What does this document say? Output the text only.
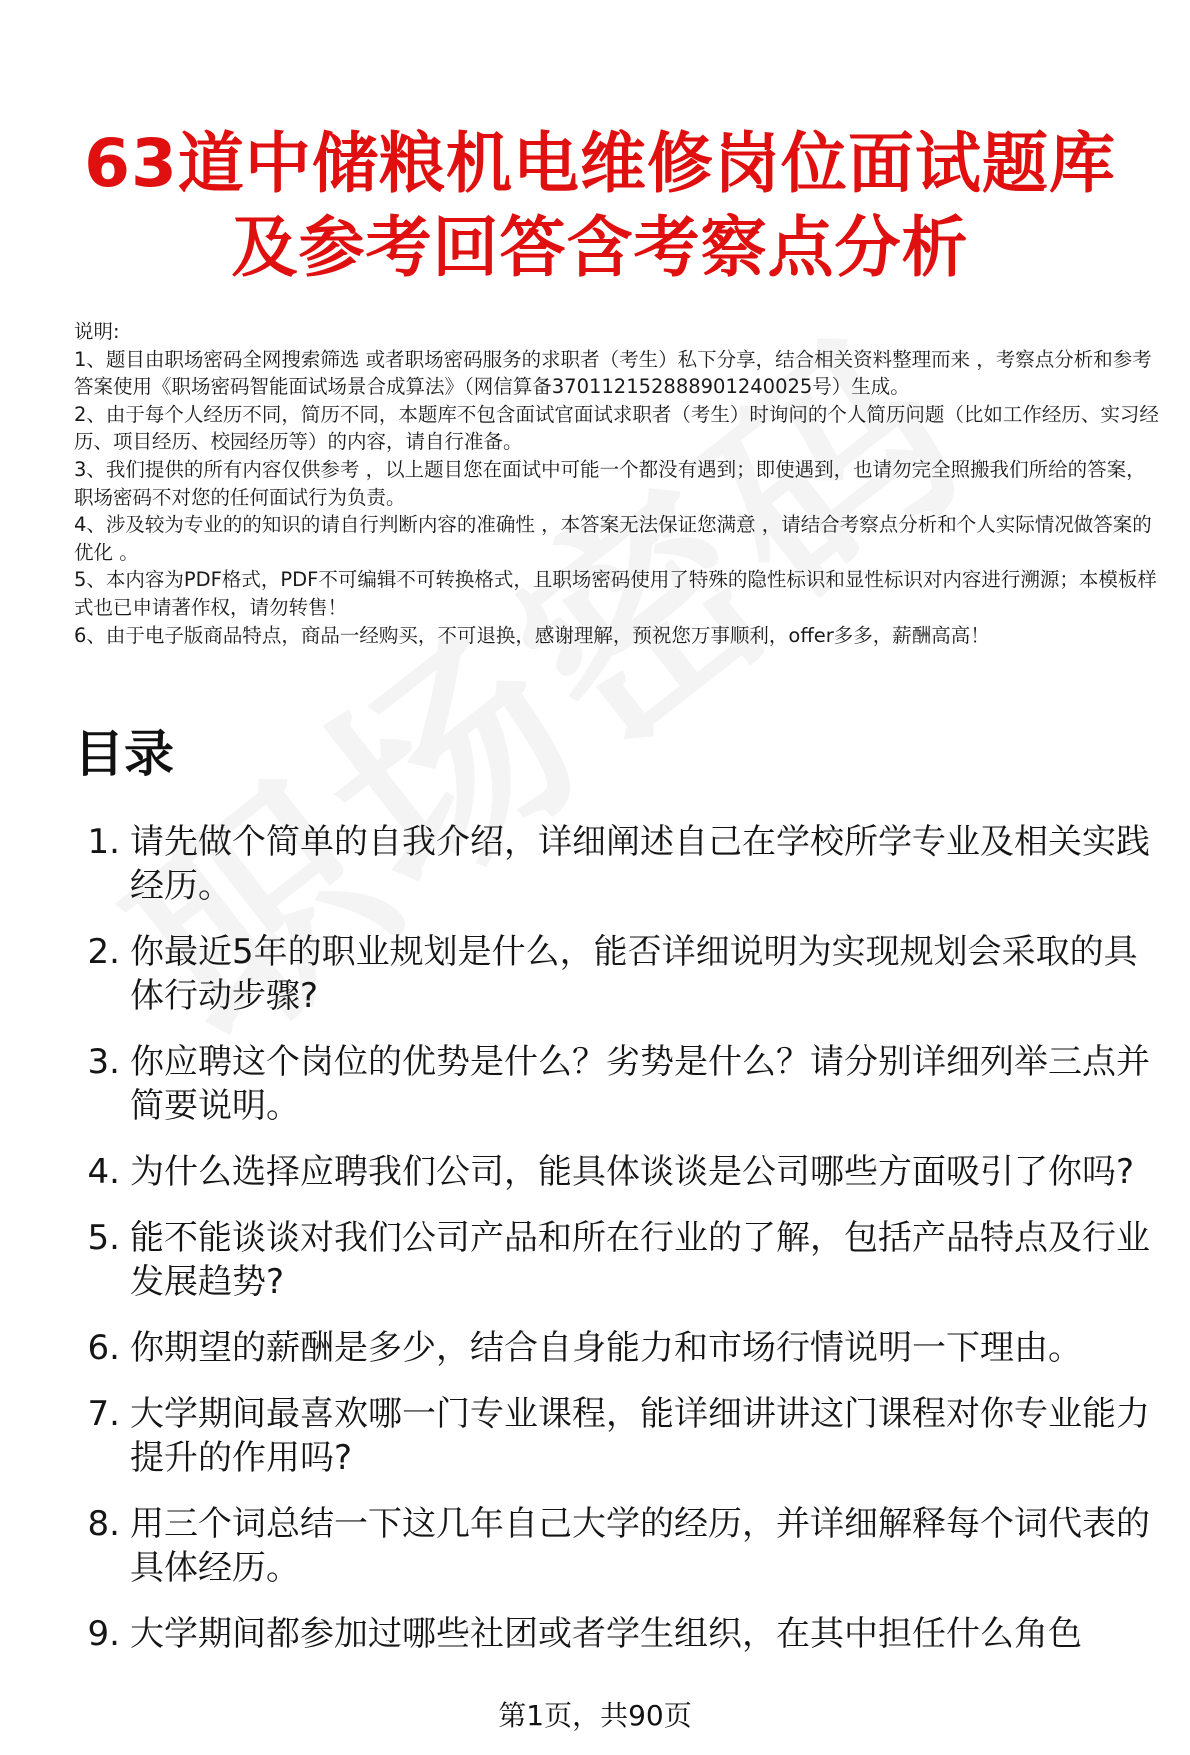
63道中储粮机电维修岗位面试题库
及参考回答含考察点分析

说明:

1、题目由职场密码全网搜索筛选 或者职场密码服务的求职者（考生）私下分享，结合相关资料整理而来 ，考察点分析和参考答案使用《职场密码智能面试场景合成算法》（网信算备370112152888901240025号）生成。

2、由于每个人经历不同，简历不同，本题库不包含面试官面试求职者（考生）时询问的个人简历问题（比如工作经历、实习经历、项目经历、校园经历等）的内容，请自行准备。

3、我们提供的所有内容仅供参考 ，以上题目您在面试中可能一个都没有遇到；即使遇到，也请勿完全照搬我们所给的答案，职场密码不对您的任何面试行为负责。

4、涉及较为专业的的知识的请自行判断内容的准确性 ，本答案无法保证您满意 ，请结合考察点分析和个人实际情况做答案的优化 。

5、本内容为PDF格式，PDF不可编辑不可转换格式，且职场密码使用了特殊的隐性标识和显性标识对内容进行溯源；本模板样式也已申请著作权，请勿转售！

6、由于电子版商品特点，商品一经购买，不可退换，感谢理解，预祝您万事顺利，offer多多，薪酬高高！

目录
1. 请先做个简单的自我介绍，详细阐述自己在学校所学专业及相关实践经历。
2. 你最近5年的职业规划是什么，能否详细说明为实现规划会采取的具体行动步骤?
3. 你应聘这个岗位的优势是什么？劣势是什么？请分别详细列举三点并简要说明。
4. 为什么选择应聘我们公司，能具体谈谈是公司哪些方面吸引了你吗?
5. 能不能谈谈对我们公司产品和所在行业的了解，包括产品特点及行业发展趋势?
6. 你期望的薪酬是多少，结合自身能力和市场行情说明一下理由。
7. 大学期间最喜欢哪一门专业课程，能详细讲讲这门课程对你专业能力提升的作用吗?
8. 用三个词总结一下这几年自己大学的经历，并详细解释每个词代表的具体经历。
9. 大学期间都参加过哪些社团或者学生组织，在其中担任什么角色
第1页，共90页
